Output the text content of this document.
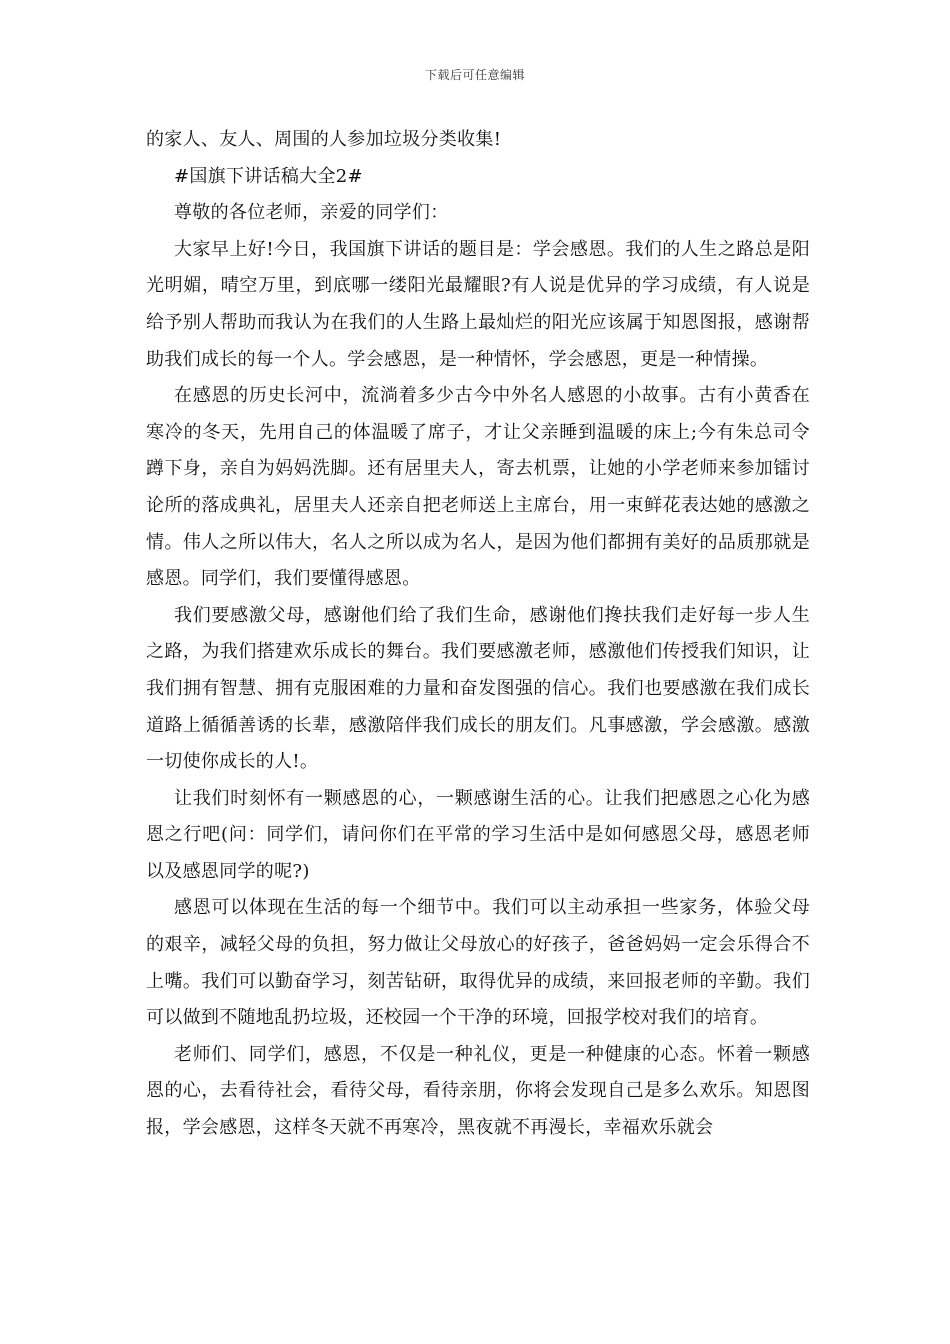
下载后可任意编辑

的家人、友人、周围的人参加垃圾分类收集!

#国旗下讲话稿大全2#

尊敬的各位老师，亲爱的同学们：

大家早上好!今日，我国旗下讲话的题目是：学会感恩。我们的人生之路总是阳光明媚，晴空万里，到底哪一缕阳光最耀眼?有人说是优异的学习成绩，有人说是给予别人帮助而我认为在我们的人生路上最灿烂的阳光应该属于知恩图报，感谢帮助我们成长的每一个人。学会感恩，是一种情怀，学会感恩，更是一种情操。

在感恩的历史长河中，流淌着多少古今中外名人感恩的小故事。古有小黄香在寒冷的冬天，先用自己的体温暖了席子，才让父亲睡到温暖的床上;今有朱总司令蹲下身，亲自为妈妈洗脚。还有居里夫人，寄去机票，让她的小学老师来参加镭讨论所的落成典礼，居里夫人还亲自把老师送上主席台，用一束鲜花表达她的感激之情。伟人之所以伟大，名人之所以成为名人，是因为他们都拥有美好的品质那就是感恩。同学们，我们要懂得感恩。

我们要感激父母，感谢他们给了我们生命，感谢他们搀扶我们走好每一步人生之路，为我们搭建欢乐成长的舞台。我们要感激老师，感激他们传授我们知识，让我们拥有智慧、拥有克服困难的力量和奋发图强的信心。我们也要感激在我们成长道路上循循善诱的长辈，感激陪伴我们成长的朋友们。凡事感激，学会感激。感激一切使你成长的人!。

让我们时刻怀有一颗感恩的心，一颗感谢生活的心。让我们把感恩之心化为感恩之行吧(问：同学们，请问你们在平常的学习生活中是如何感恩父母，感恩老师以及感恩同学的呢?)

感恩可以体现在生活的每一个细节中。我们可以主动承担一些家务，体验父母的艰辛，减轻父母的负担，努力做让父母放心的好孩子，爸爸妈妈一定会乐得合不上嘴。我们可以勤奋学习，刻苦钻研，取得优异的成绩，来回报老师的辛勤。我们可以做到不随地乱扔垃圾，还校园一个干净的环境，回报学校对我们的培育。

老师们、同学们，感恩，不仅是一种礼仪，更是一种健康的心态。怀着一颗感恩的心，去看待社会，看待父母，看待亲朋，你将会发现自己是多么欢乐。知恩图报，学会感恩，这样冬天就不再寒冷，黑夜就不再漫长，幸福欢乐就会
